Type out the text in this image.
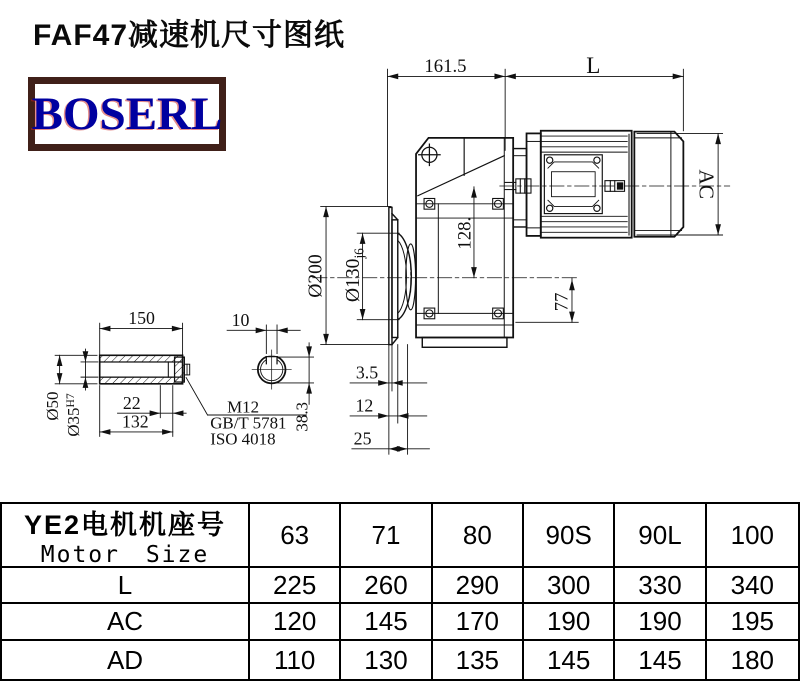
FAF47减速机尺寸图纸
BOSERL
161.5	L
AC
Ø200 $Ø130_{j6}$
128.
77
3.5
12
25
150	10
Ø50
$Ø35^{H7}$	22
132	38.3
M12
GB/T 5781
ISO 4018
YE2电机机座号
Motor Size
63	71	80	90S	90L	100
L	225	260	290	300	330	340
AC	120	145	170	190	190	195
AD	110	130	135	145	145	180
